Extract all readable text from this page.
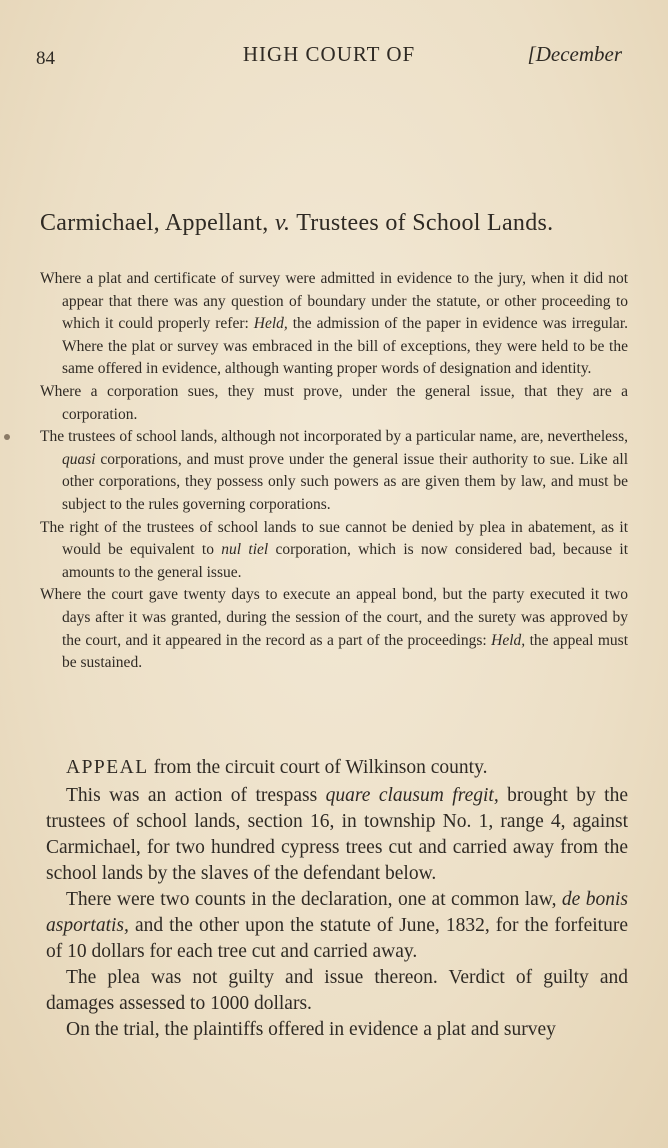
84	HIGH COURT OF	[December
Carmichael, Appellant, v. Trustees of School Lands.
Where a plat and certificate of survey were admitted in evidence to the jury, when it did not appear that there was any question of boundary under the statute, or other proceeding to which it could properly refer: Held, the admission of the paper in evidence was irregular. Where the plat or survey was embraced in the bill of exceptions, they were held to be the same offered in evidence, although wanting proper words of designation and identity.
Where a corporation sues, they must prove, under the general issue, that they are a corporation.
The trustees of school lands, although not incorporated by a particular name, are, nevertheless, quasi corporations, and must prove under the general issue their authority to sue. Like all other corporations, they possess only such powers as are given them by law, and must be subject to the rules governing corporations.
The right of the trustees of school lands to sue cannot be denied by plea in abatement, as it would be equivalent to nul tiel corporation, which is now considered bad, because it amounts to the general issue.
Where the court gave twenty days to execute an appeal bond, but the party executed it two days after it was granted, during the session of the court, and the surety was approved by the court, and it appeared in the record as a part of the proceedings: Held, the appeal must be sustained.

APPEAL from the circuit court of Wilkinson county.

This was an action of trespass quare clausum fregit, brought by the trustees of school lands, section 16, in township No. 1, range 4, against Carmichael, for two hundred cypress trees cut and carried away from the school lands by the slaves of the defendant below.

There were two counts in the declaration, one at common law, de bonis asportatis, and the other upon the statute of June, 1832, for the forfeiture of 10 dollars for each tree cut and carried away.

The plea was not guilty and issue thereon. Verdict of guilty and damages assessed to 1000 dollars.

On the trial, the plaintiffs offered in evidence a plat and survey
